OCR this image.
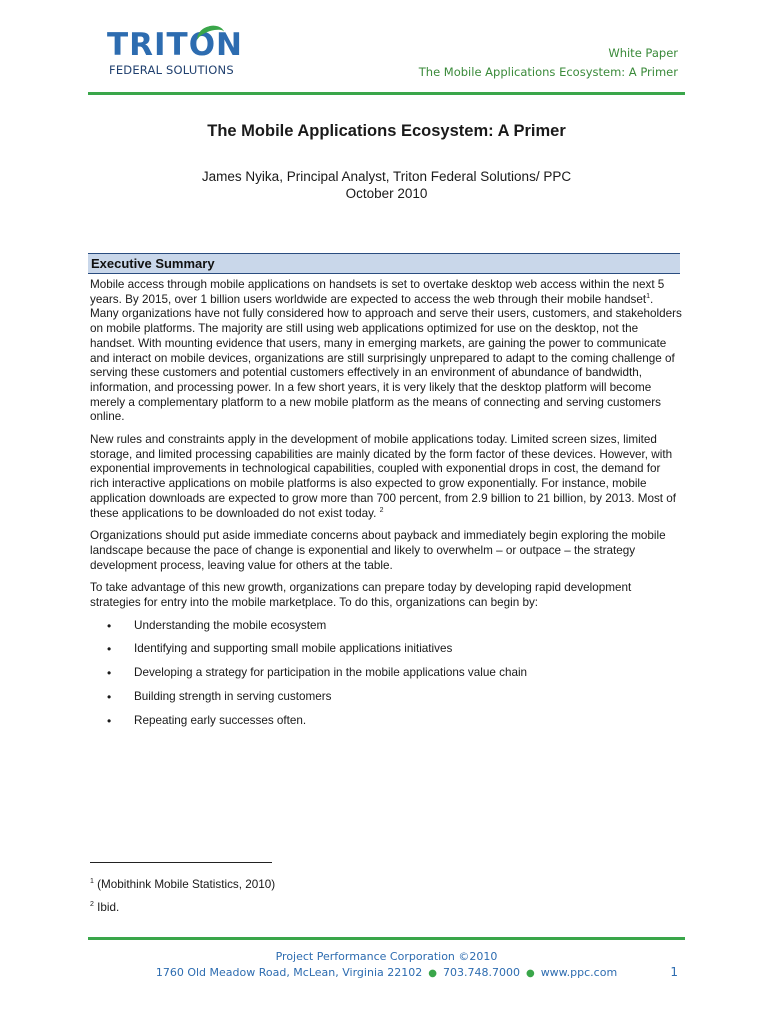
TRITON
FEDERAL SOLUTIONS
White Paper
The Mobile Applications Ecosystem: A Primer
The Mobile Applications Ecosystem: A Primer
James Nyika, Principal Analyst, Triton Federal Solutions/ PPC
October 2010
Executive Summary

Mobile access through mobile applications on handsets is set to overtake desktop web access within the next 5 years. By 2015, over 1 billion users worldwide are expected to access the web through their mobile handset$^1$. Many organizations have not fully considered how to approach and serve their users, customers, and stakeholders on mobile platforms. The majority are still using web applications optimized for use on the desktop, not the handset. With mounting evidence that users, many in emerging markets, are gaining the power to communicate and interact on mobile devices, organizations are still surprisingly unprepared to adapt to the coming challenge of serving these customers and potential customers effectively in an environment of abundance of bandwidth, information, and processing power. In a few short years, it is very likely that the desktop platform will become merely a complementary platform to a new mobile platform as the means of connecting and serving customers online.

New rules and constraints apply in the development of mobile applications today. Limited screen sizes, limited storage, and limited processing capabilities are mainly dicated by the form factor of these devices. However, with exponential improvements in technological capabilities, coupled with exponential drops in cost, the demand for rich interactive applications on mobile platforms is also expected to grow exponentially. For instance, mobile application downloads are expected to grow more than 700 percent, from 2.9 billion to 21 billion, by 2013. Most of these applications to be downloaded do not exist today. $^2$

Organizations should put aside immediate concerns about payback and immediately begin exploring the mobile landscape because the pace of change is exponential and likely to overwhelm – or outpace – the strategy development process, leaving value for others at the table.

To take advantage of this new growth, organizations can prepare today by developing rapid development strategies for entry into the mobile marketplace. To do this, organizations can begin by:

• Understanding the mobile ecosystem
• Identifying and supporting small mobile applications initiatives
• Developing a strategy for participation in the mobile applications value chain
• Building strength in serving customers
• Repeating early successes often.
$^1$ (Mobithink Mobile Statistics, 2010)
$^2$ Ibid.
Project Performance Corporation ©2010
1760 Old Meadow Road, McLean, Virginia 22102 ● 703.748.7000 ● www.ppc.com	1
